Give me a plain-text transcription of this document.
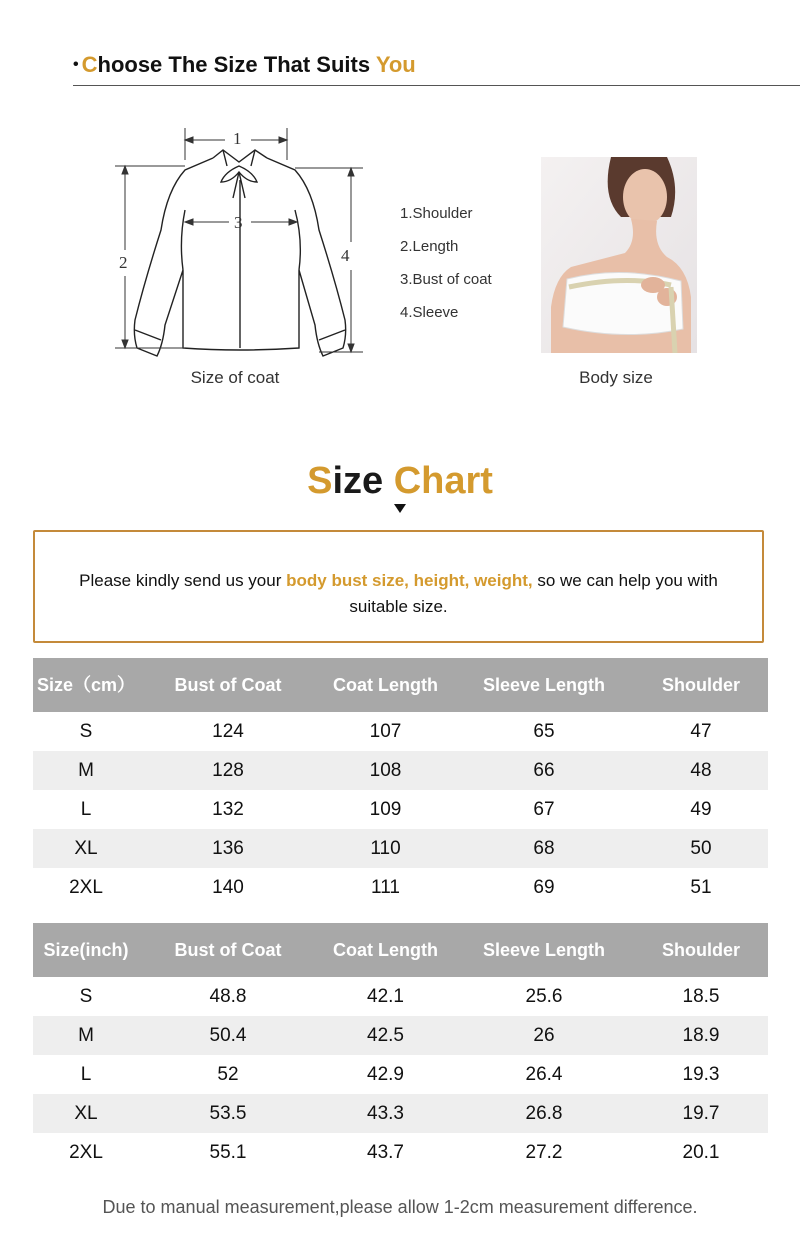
• Choose The Size That Suits You
1
2
3
4
Size of coat
1.Shoulder
2.Length
3.Bust of coat
4.Sleeve
Body size
Size Chart
Please kindly send us your body bust size, height, weight, so we can help you with suitable size.
Size（cm）	Bust of Coat	Coat Length	Sleeve Length	Shoulder
S	124	107	65	47
M	128	108	66	48
L	132	109	67	49
XL	136	110	68	50
2XL	140	111	69	51
Size(inch)	Bust of Coat	Coat Length	Sleeve Length	Shoulder
S	48.8	42.1	25.6	18.5
M	50.4	42.5	26	18.9
L	52	42.9	26.4	19.3
XL	53.5	43.3	26.8	19.7
2XL	55.1	43.7	27.2	20.1
Due to manual measurement,please allow 1-2cm measurement difference.
